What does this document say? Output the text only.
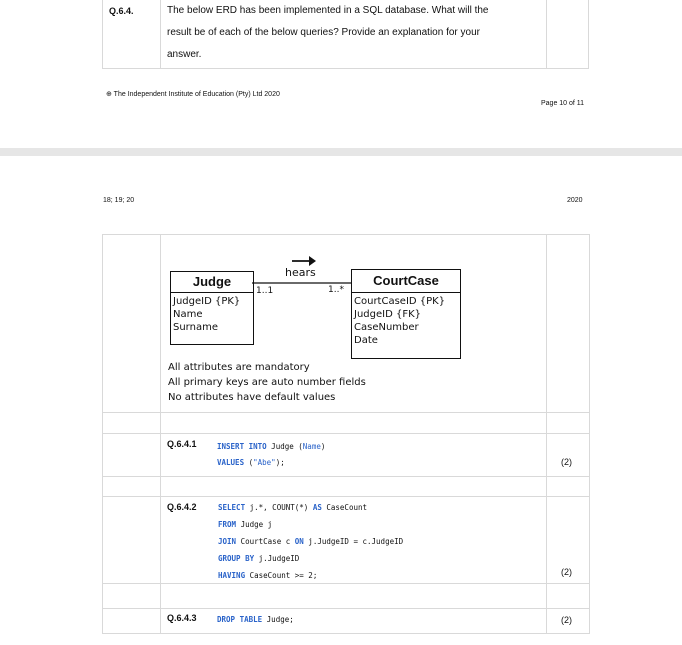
Q.6.4.	The below ERD has been implemented in a SQL database. What will the
result be of each of the below queries? Provide an explanation for your
answer.
⊕ The Independent Institute of Education (Pty) Ltd 2020
Page 10 of 11
18; 19; 20	2020
Judge
JudgeID {PK}
Name
Surname
CourtCase
CourtCaseID {PK}
JudgeID {FK}
CaseNumber
Date
hears
1..1	1..*
All attributes are mandatory
All primary keys are auto number fields
No attributes have default values
Q.6.4.1	INSERT INTO Judge (Name)
VALUES ("Abe");	(2)
Q.6.4.2	SELECT j.*, COUNT(*) AS CaseCount
FROM Judge j
JOIN CourtCase c ON j.JudgeID = c.JudgeID
GROUP BY j.JudgeID
HAVING CaseCount >= 2;	(2)
Q.6.4.3	DROP TABLE Judge;	(2)
